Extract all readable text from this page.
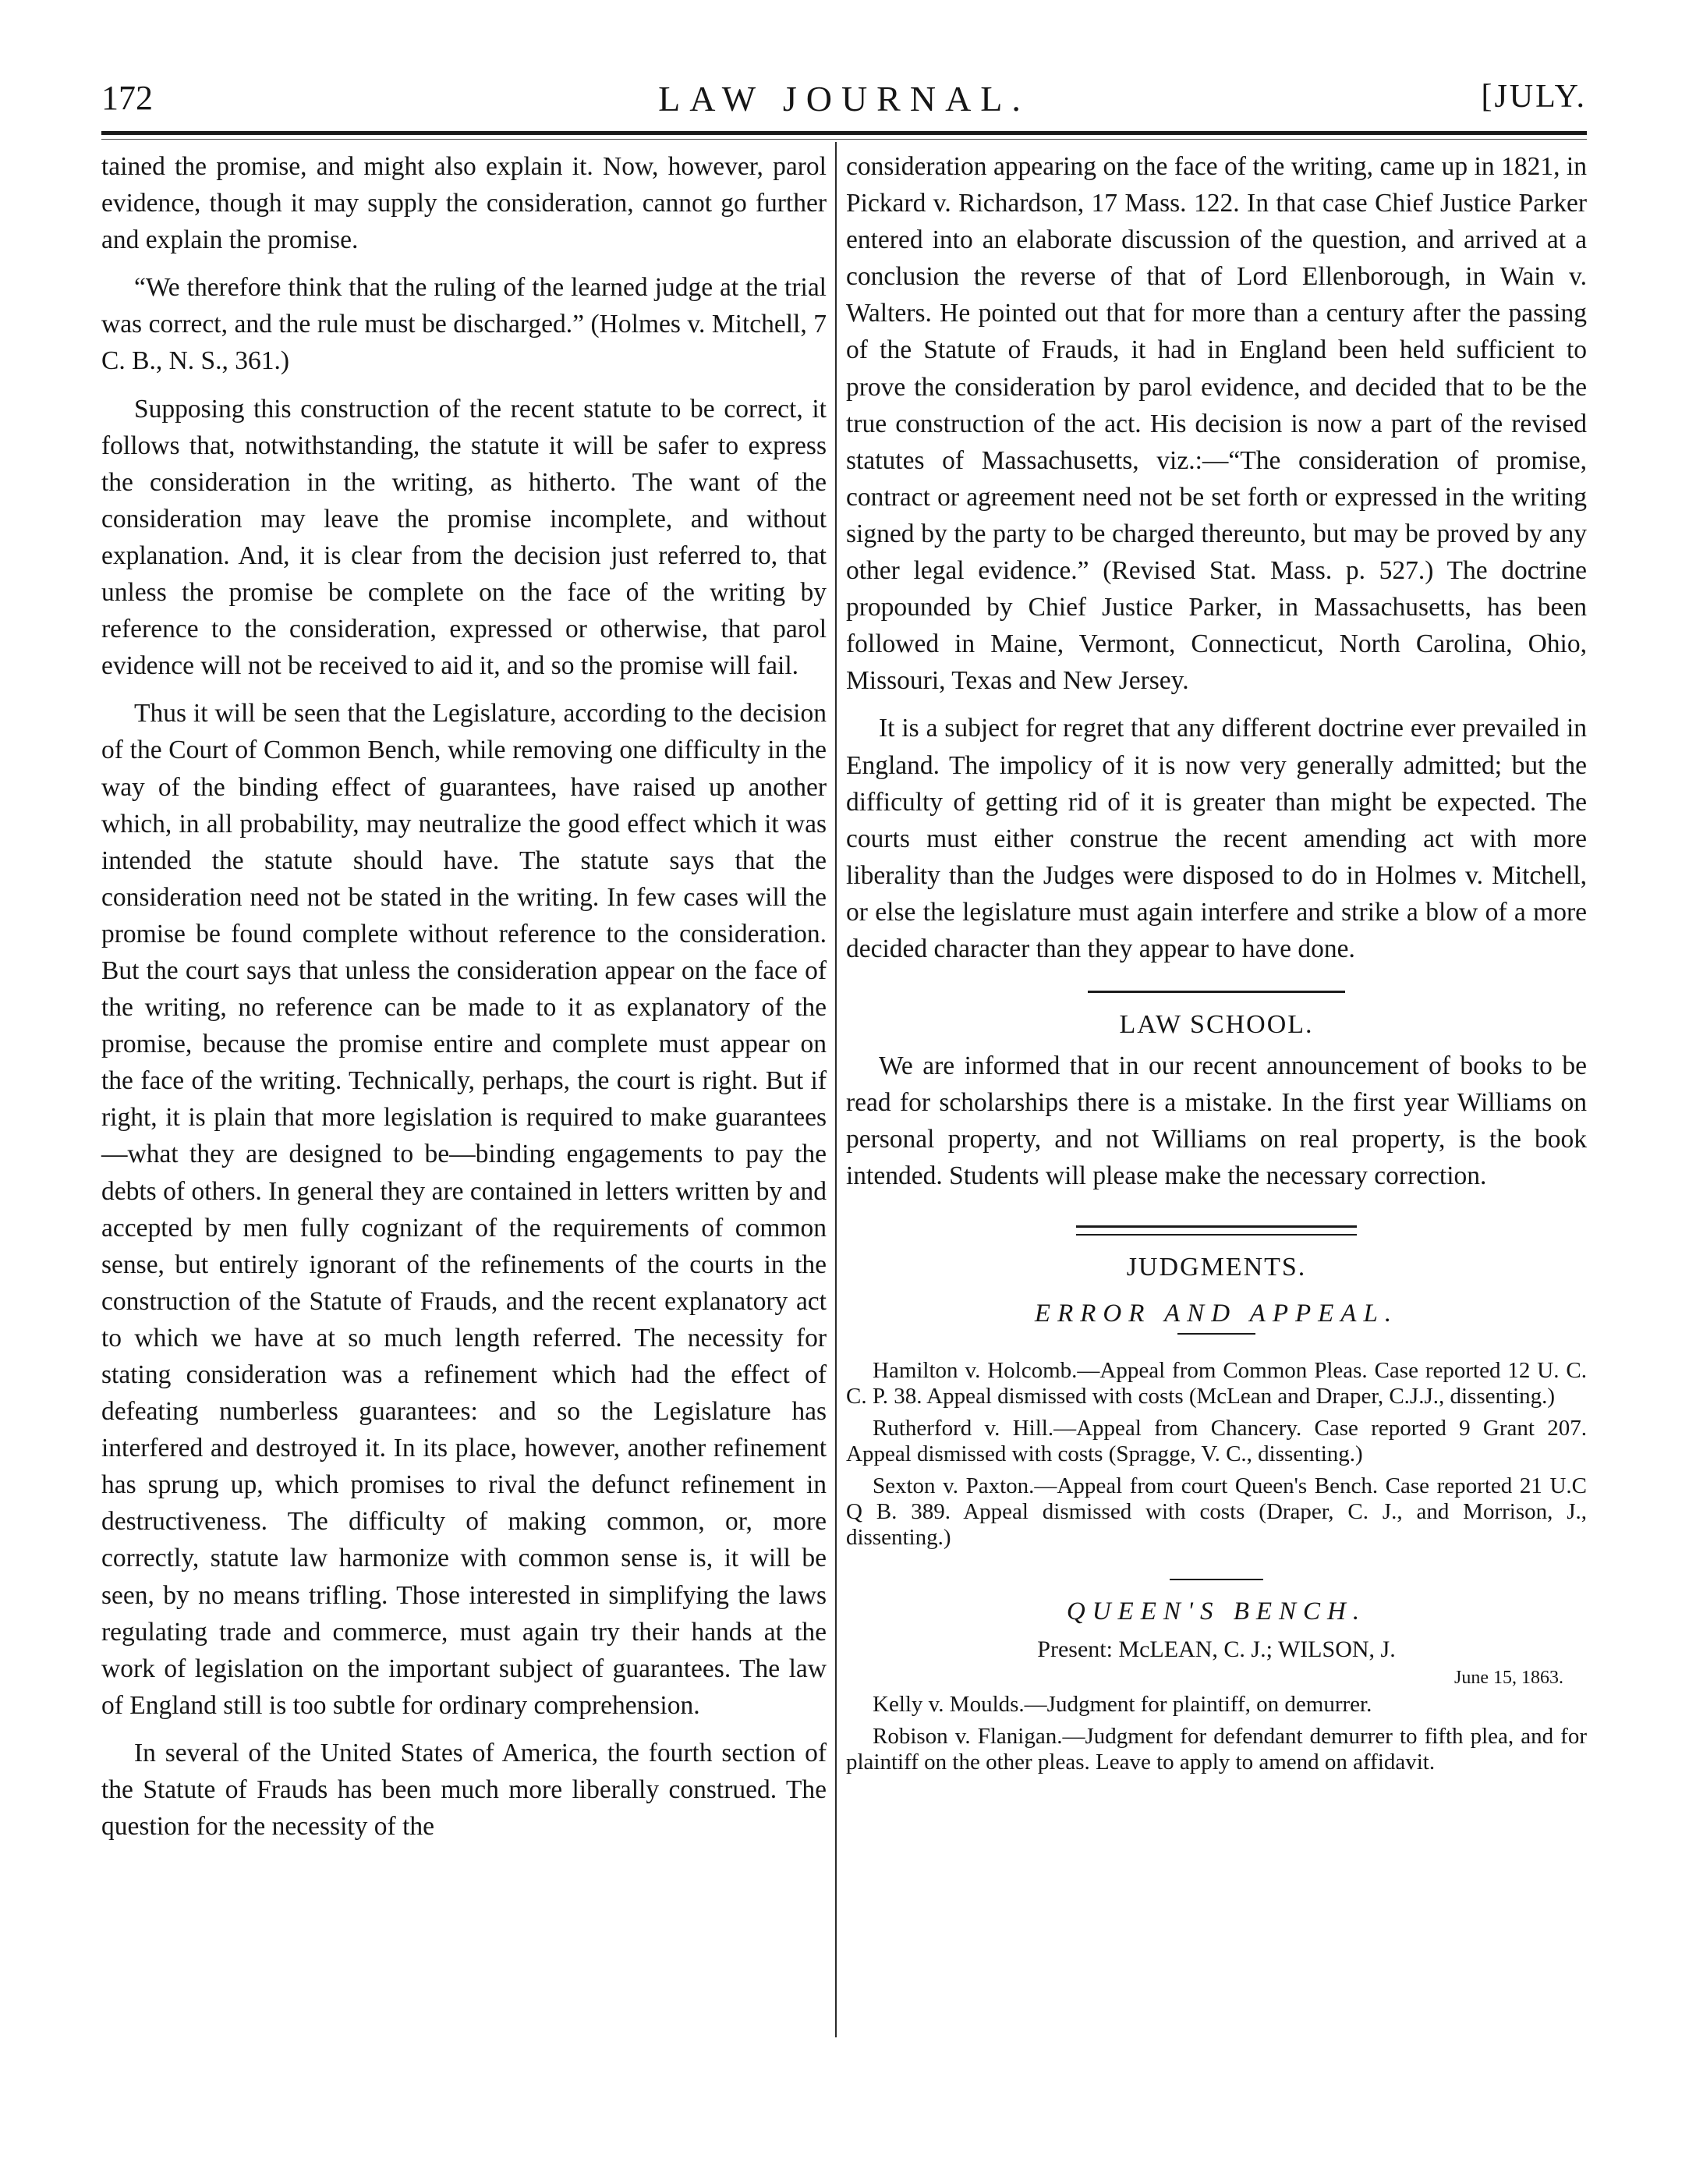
172	LAW JOURNAL.	[JULY.

tained the promise, and might also explain it. Now, however, parol evidence, though it may supply the consideration, cannot go further and explain the promise.

“We therefore think that the ruling of the learned judge at the trial was correct, and the rule must be discharged.” (Holmes v. Mitchell, 7 C. B., N. S., 361.)

Supposing this construction of the recent statute to be correct, it follows that, notwithstanding, the statute it will be safer to express the consideration in the writing, as hitherto. The want of the consideration may leave the promise incomplete, and without explanation. And, it is clear from the decision just referred to, that unless the promise be complete on the face of the writing by reference to the consideration, expressed or otherwise, that parol evidence will not be received to aid it, and so the promise will fail.

Thus it will be seen that the Legislature, according to the decision of the Court of Common Bench, while removing one difficulty in the way of the binding effect of guarantees, have raised up another which, in all probability, may neutralize the good effect which it was intended the statute should have. The statute says that the consideration need not be stated in the writing. In few cases will the promise be found complete without reference to the consideration. But the court says that unless the consideration appear on the face of the writing, no reference can be made to it as explanatory of the promise, because the promise entire and complete must appear on the face of the writing. Technically, perhaps, the court is right. But if right, it is plain that more legislation is required to make guarantees—what they are designed to be—binding engagements to pay the debts of others. In general they are contained in letters written by and accepted by men fully cognizant of the requirements of common sense, but entirely ignorant of the refinements of the courts in the construction of the Statute of Frauds, and the recent explanatory act to which we have at so much length referred. The necessity for stating consideration was a refinement which had the effect of defeating numberless guarantees: and so the Legislature has interfered and destroyed it. In its place, however, another refinement has sprung up, which promises to rival the defunct refinement in destructiveness. The difficulty of making common, or, more correctly, statute law harmonize with common sense is, it will be seen, by no means trifling. Those interested in simplifying the laws regulating trade and commerce, must again try their hands at the work of legislation on the important subject of guarantees. The law of England still is too subtle for ordinary comprehension.

In several of the United States of America, the fourth section of the Statute of Frauds has been much more liberally construed. The question for the necessity of the

consideration appearing on the face of the writing, came up in 1821, in Pickard v. Richardson, 17 Mass. 122. In that case Chief Justice Parker entered into an elaborate discussion of the question, and arrived at a conclusion the reverse of that of Lord Ellenborough, in Wain v. Walters. He pointed out that for more than a century after the passing of the Statute of Frauds, it had in England been held sufficient to prove the consideration by parol evidence, and decided that to be the true construction of the act. His decision is now a part of the revised statutes of Massachusetts, viz.:—“The consideration of promise, contract or agreement need not be set forth or expressed in the writing signed by the party to be charged thereunto, but may be proved by any other legal evidence.” (Revised Stat. Mass. p. 527.) The doctrine propounded by Chief Justice Parker, in Massachusetts, has been followed in Maine, Vermont, Connecticut, North Carolina, Ohio, Missouri, Texas and New Jersey.

It is a subject for regret that any different doctrine ever prevailed in England. The impolicy of it is now very generally admitted; but the difficulty of getting rid of it is greater than might be expected. The courts must either construe the recent amending act with more liberality than the Judges were disposed to do in Holmes v. Mitchell, or else the legislature must again interfere and strike a blow of a more decided character than they appear to have done.

LAW SCHOOL.

We are informed that in our recent announcement of books to be read for scholarships there is a mistake. In the first year Williams on personal property, and not Williams on real property, is the book intended. Students will please make the necessary correction.

JUDGMENTS.
ERROR AND APPEAL.

Hamilton v. Holcomb.—Appeal from Common Pleas. Case reported 12 U. C. C. P. 38. Appeal dismissed with costs (McLean and Draper, C.J.J., dissenting.)

Rutherford v. Hill.—Appeal from Chancery. Case reported 9 Grant 207. Appeal dismissed with costs (Spragge, V. C., dissenting.)

Sexton v. Paxton.—Appeal from court Queen's Bench. Case reported 21 U.C Q B. 389. Appeal dismissed with costs (Draper, C. J., and Morrison, J., dissenting.)

QUEEN'S BENCH.
Present: McLEAN, C. J.; WILSON, J.
June 15, 1863.

Kelly v. Moulds.—Judgment for plaintiff, on demurrer.

Robison v. Flanigan.—Judgment for defendant demurrer to fifth plea, and for plaintiff on the other pleas. Leave to apply to amend on affidavit.
